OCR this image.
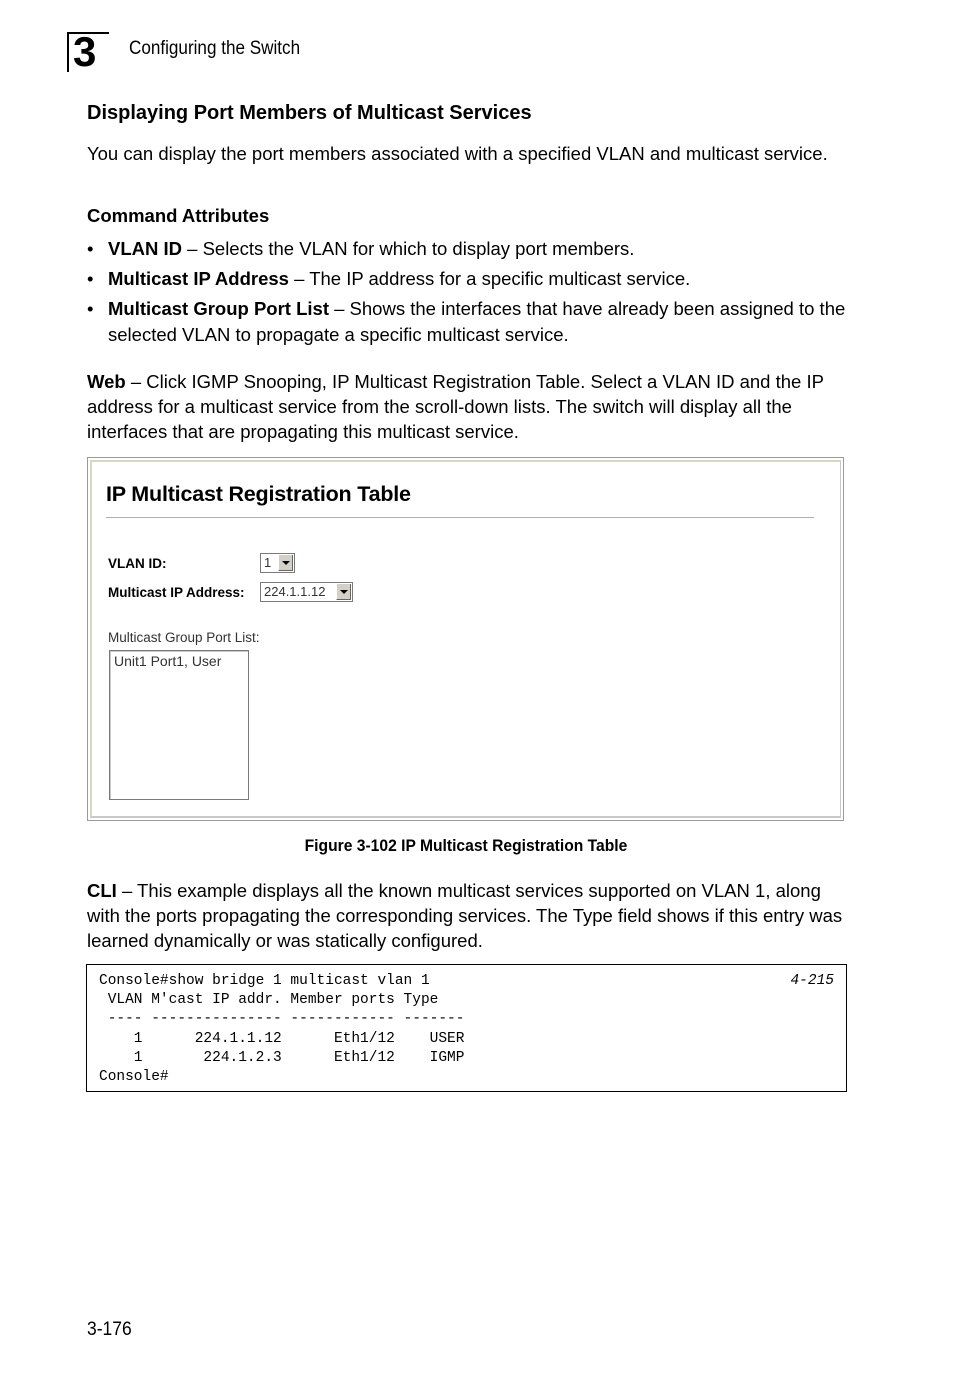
3 Configuring the Switch
Displaying Port Members of Multicast Services
You can display the port members associated with a specified VLAN and multicast service.
Command Attributes
• VLAN ID – Selects the VLAN for which to display port members.
• Multicast IP Address – The IP address for a specific multicast service.
• Multicast Group Port List – Shows the interfaces that have already been assigned to the selected VLAN to propagate a specific multicast service.
Web – Click IGMP Snooping, IP Multicast Registration Table. Select a VLAN ID and the IP address for a multicast service from the scroll-down lists. The switch will display all the interfaces that are propagating this multicast service.
IP Multicast Registration Table
VLAN ID:	1
Multicast IP Address:	224.1.1.12
Multicast Group Port List:
Unit1 Port1, User
Figure 3-102 IP Multicast Registration Table
CLI – This example displays all the known multicast services supported on VLAN 1, along with the ports propagating the corresponding services. The Type field shows if this entry was learned dynamically or was statically configured.
Console#show bridge 1 multicast vlan 1
VLAN M'cast IP addr. Member ports Type
---- --------------- ------------ -------
1      224.1.1.12      Eth1/12    USER
1       224.1.2.3      Eth1/12    IGMP
Console#
4-215
3-176
